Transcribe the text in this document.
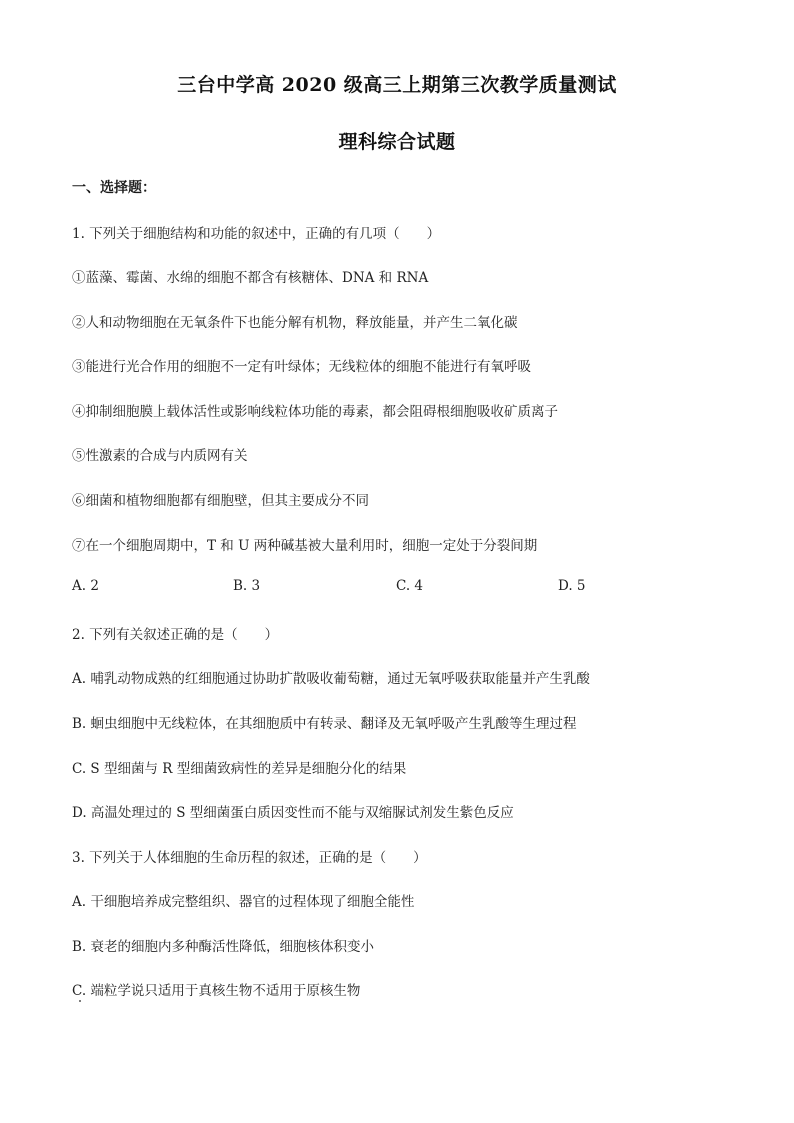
三台中学高 2020 级高三上期第三次教学质量测试
理科综合试题
一、选择题：
1. 下列关于细胞结构和功能的叙述中，正确的有几项（　　）
①蓝藻、霉菌、水绵的细胞不都含有核糖体、DNA 和 RNA
②人和动物细胞在无氧条件下也能分解有机物，释放能量，并产生二氧化碳
③能进行光合作用的细胞不一定有叶绿体；无线粒体的细胞不能进行有氧呼吸
④抑制细胞膜上载体活性或影响线粒体功能的毒素，都会阻碍根细胞吸收矿质离子
⑤性激素的合成与内质网有关
⑥细菌和植物细胞都有细胞壁，但其主要成分不同
⑦在一个细胞周期中，T 和 U 两种碱基被大量利用时，细胞一定处于分裂间期
A. 2	B. 3	C. 4	D. 5
2. 下列有关叙述正确的是（　　）
A. 哺乳动物成熟的红细胞通过协助扩散吸收葡萄糖，通过无氧呼吸获取能量并产生乳酸
B. 蛔虫细胞中无线粒体，在其细胞质中有转录、翻译及无氧呼吸产生乳酸等生理过程
C. S 型细菌与 R 型细菌致病性的差异是细胞分化的结果
D. 高温处理过的 S 型细菌蛋白质因变性而不能与双缩脲试剂发生紫色反应
3. 下列关于人体细胞的生命历程的叙述，正确的是（　　）
A. 干细胞培养成完整组织、器官的过程体现了细胞全能性
B. 衰老的细胞内多种酶活性降低，细胞核体积变小
C. 端粒学说只适用于真核生物不适用于原核生物
